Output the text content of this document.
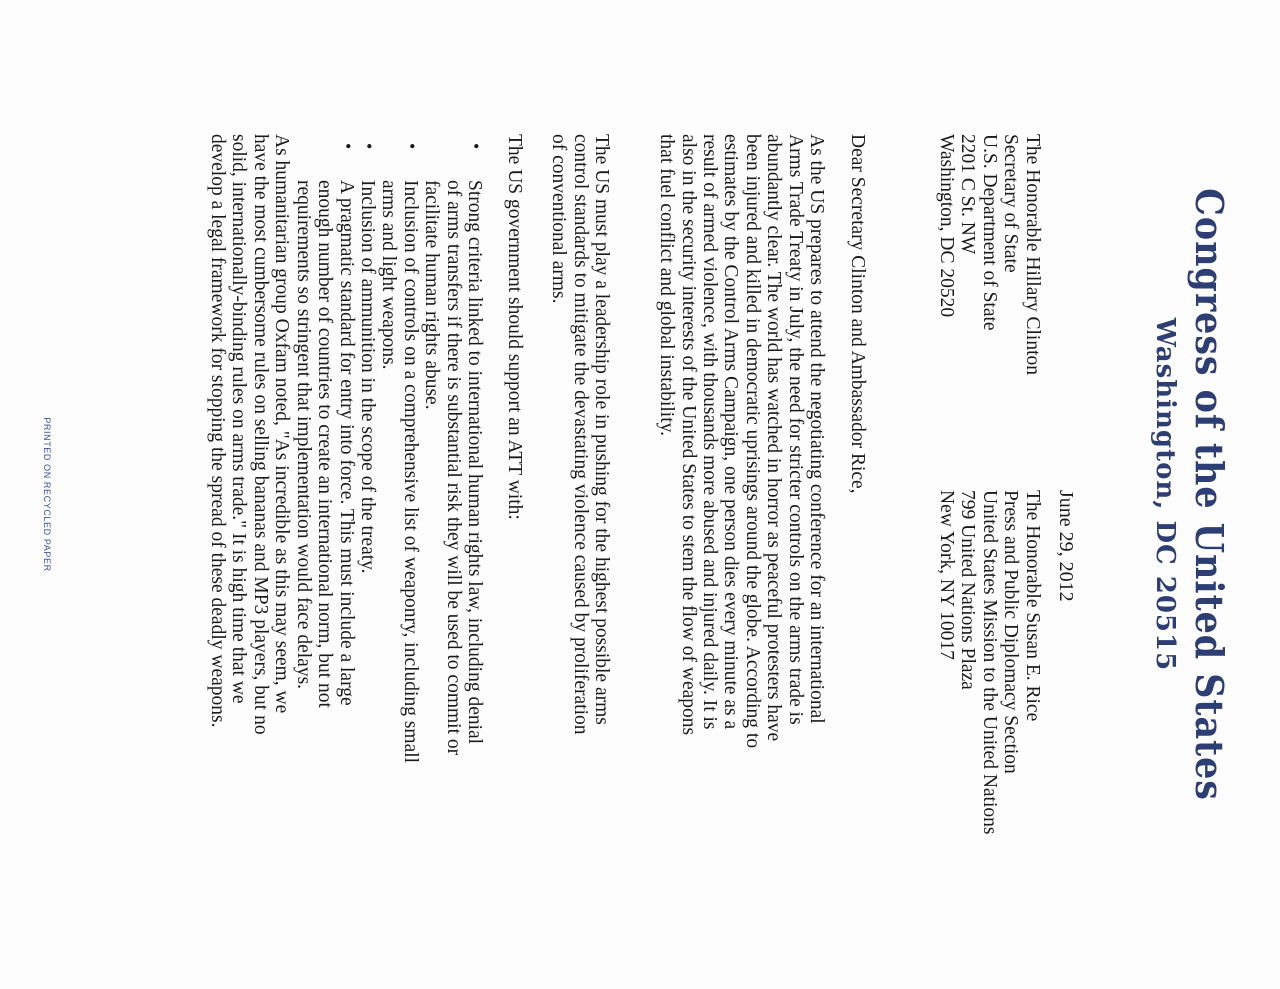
Congress of the United States
Washington, DC 20515
June 29, 2012
The Honorable Hillary Clinton
Secretary of State
U.S. Department of State
2201 C St. NW
Washington, DC 20520
The Honorable Susan E. Rice
Press and Public Diplomacy Section
United States Mission to the United Nations
799 United Nations Plaza
New York, NY 10017
Dear Secretary Clinton and Ambassador Rice,
As the US prepares to attend the negotiating conference for an international Arms Trade Treaty in July, the need for stricter controls on the arms trade is abundantly clear. The world has watched in horror as peaceful protesters have been injured and killed in democratic uprisings around the globe. According to estimates by the Control Arms Campaign, one person dies every minute as a result of armed violence, with thousands more abused and injured daily. It is also in the security interests of the United States to stem the flow of weapons that fuel conflict and global instability.
The US must play a leadership role in pushing for the highest possible arms control standards to mitigate the devastating violence caused by proliferation of conventional arms.
The US government should support an ATT with:
•
Strong criteria linked to international human rights law, including denial of arms transfers if there is substantial risk they will be used to commit or facilitate human rights abuse.
•
Inclusion of controls on a comprehensive list of weaponry, including small arms and light weapons.
•
Inclusion of ammunition in the scope of the treaty.
•
A pragmatic standard for entry into force. This must include a large enough number of countries to create an international norm, but not requirements so stringent that implementation would face delays.
As humanitarian group Oxfam noted, "As incredible as this may seem, we have the most cumbersome rules on selling bananas and MP3 players, but no solid, internationally-binding rules on arms trade." It is high time that we develop a legal framework for stopping the spread of these deadly weapons.
PRINTED ON RECYCLED PAPER
